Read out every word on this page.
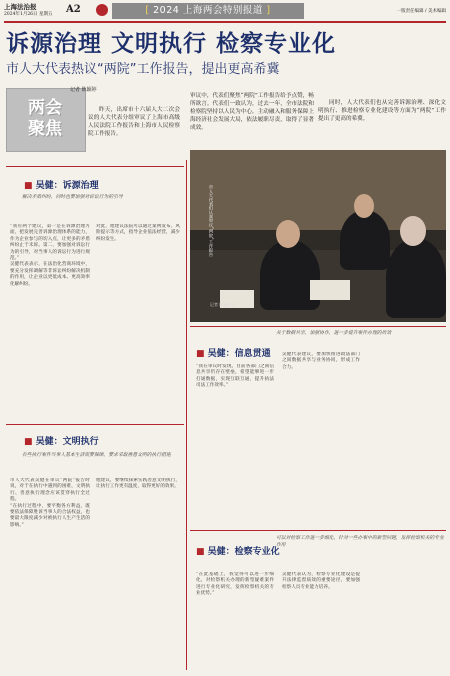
上海法治报
2024年1月26日 星期五 A2	[ 2024 上海两会特别报道 ]	一版责任编辑 / 美术编辑
诉源治理 文明执行 检察专业化
市人大代表热议“两院”工作报告，提出更高希冀
两会
聚焦
记者 陈颖婷
昨天，出席市十六届人大二次会议的人大代表分组审议了上海市高级人民法院工作报告和上海市人民检察院工作报告。
审议中，代表们聚焦“两院”工作报告给予点赞，畅所欲言。代表们一致认为，过去一年，全市法院和检察院坚持以人民为中心，主动融入和服务保障上海经济社会发展大局，依法履职尽责，取得了显著成效。
同时，人大代表们也从完善诉源治理、深化文明执行、推进检察专业化建设等方面为“两院”工作提出了更高的希冀。
■ 吴健：诉源治理
解决矛盾纠纷，同时也要加强对诉讼行为的引导
“我有两个建议，第一是在诉源治理方面，把发展完善诉源治理体系的能力，作为企业参与的切入点，让更多的矛盾纠纷止于未诉。第二，要加强对诉讼行为的引导，对当事人的诉讼行为进行规范。”
吴健代表表示，在法治化营商环境中，要充分发挥调解等非诉讼纠纷解决机制的作用，让企业以更低成本、更高效率化解纠纷。
对此，他建议法院可以通过案例发布、风险提示等方式，指导企业依法经营，减少纠纷发生。	市人大代表们认真审议“两院”工作报告
记者 陈颖婷 摄
■ 吴健：信息贯通
关于数据共享，加强协作，进一步提升案件办理的质效
“我在审议时发现，目前各部门之间信息共享仍存在壁垒，希望能够进一步打通数据，实现互联互通，提升执法司法工作效率。”
吴健代表建议，要加快推进政法部门之间数据共享与业务协同，形成工作合力。
■ 吴健：文明执行
有些执行案件当事人基本生活需要保障，要求采取善意文明的执行措施
市人大代表吴健在审议“两院”报告时说，对于在执行中遇到的困难，文明执行、善意执行理念应该贯穿执行全过程。
“在执行过程中，要平衡各方利益，既要依法保障胜诉当事人的合法权益，也要最大限度减少对被执行人生产生活的影响。”
他建议，要继续探索实践善意文明执行，让执行工作更有温度，取得更好的效果。
■ 吴健：检察专业化
可以对检察工作进一步细化，针对一些办案中的新型问题，发挥检察机关的专业作用
“在此基础上，我觉得可以进一步细化，对检察机关办理的新型疑难案件进行专业化研究，发挥检察机关的专业优势。”
吴健代表认为，检察专业化建设是提升法律监督质效的重要途径，要加强检察人员专业能力培养。
